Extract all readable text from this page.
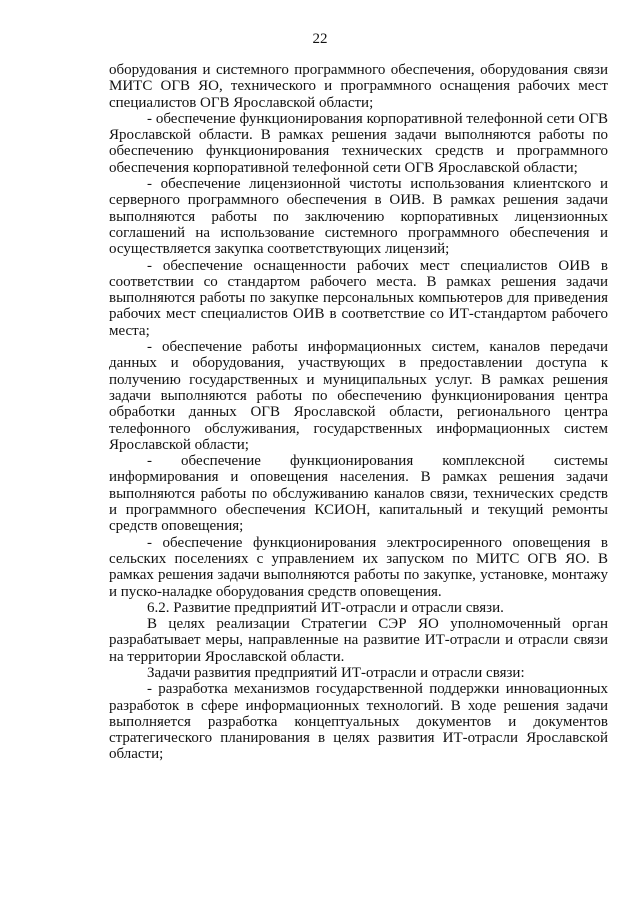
22

оборудования и системного программного обеспечения, оборудования связи МИТС ОГВ ЯО, технического и программного оснащения рабочих мест специалистов ОГВ Ярославской области;

- обеспечение функционирования корпоративной телефонной сети ОГВ Ярославской области. В рамках решения задачи выполняются работы по обеспечению функционирования технических средств и программного обеспечения корпоративной телефонной сети ОГВ Ярославской области;

- обеспечение лицензионной чистоты использования клиентского и серверного программного обеспечения в ОИВ. В рамках решения задачи выполняются работы по заключению корпоративных лицензионных соглашений на использование системного программного обеспечения и осуществляется закупка соответствующих лицензий;

- обеспечение оснащенности рабочих мест специалистов ОИВ в соответствии со стандартом рабочего места. В рамках решения задачи выполняются работы по закупке персональных компьютеров для приведения рабочих мест специалистов ОИВ в соответствие со ИТ-стандартом рабочего места;

- обеспечение работы информационных систем, каналов передачи данных и оборудования, участвующих в предоставлении доступа к получению государственных и муниципальных услуг. В рамках решения задачи выполняются работы по обеспечению функционирования центра обработки данных ОГВ Ярославской области, регионального центра телефонного обслуживания, государственных информационных систем Ярославской области;

- обеспечение функционирования комплексной системы информирования и оповещения населения. В рамках решения задачи выполняются работы по обслуживанию каналов связи, технических средств и программного обеспечения КСИОН, капитальный и текущий ремонты средств оповещения;

- обеспечение функционирования электросиренного оповещения в сельских поселениях с управлением их запуском по МИТС ОГВ ЯО. В рамках решения задачи выполняются работы по закупке, установке, монтажу и пуско-наладке оборудования средств оповещения.

6.2. Развитие предприятий ИТ-отрасли и отрасли связи.

В целях реализации Стратегии СЭР ЯО уполномоченный орган разрабатывает меры, направленные на развитие ИТ-отрасли и отрасли связи на территории Ярославской области.

Задачи развития предприятий ИТ-отрасли и отрасли связи:

- разработка механизмов государственной поддержки инновационных разработок в сфере информационных технологий. В ходе решения задачи выполняется разработка концептуальных документов и документов стратегического планирования в целях развития ИТ-отрасли Ярославской области;
